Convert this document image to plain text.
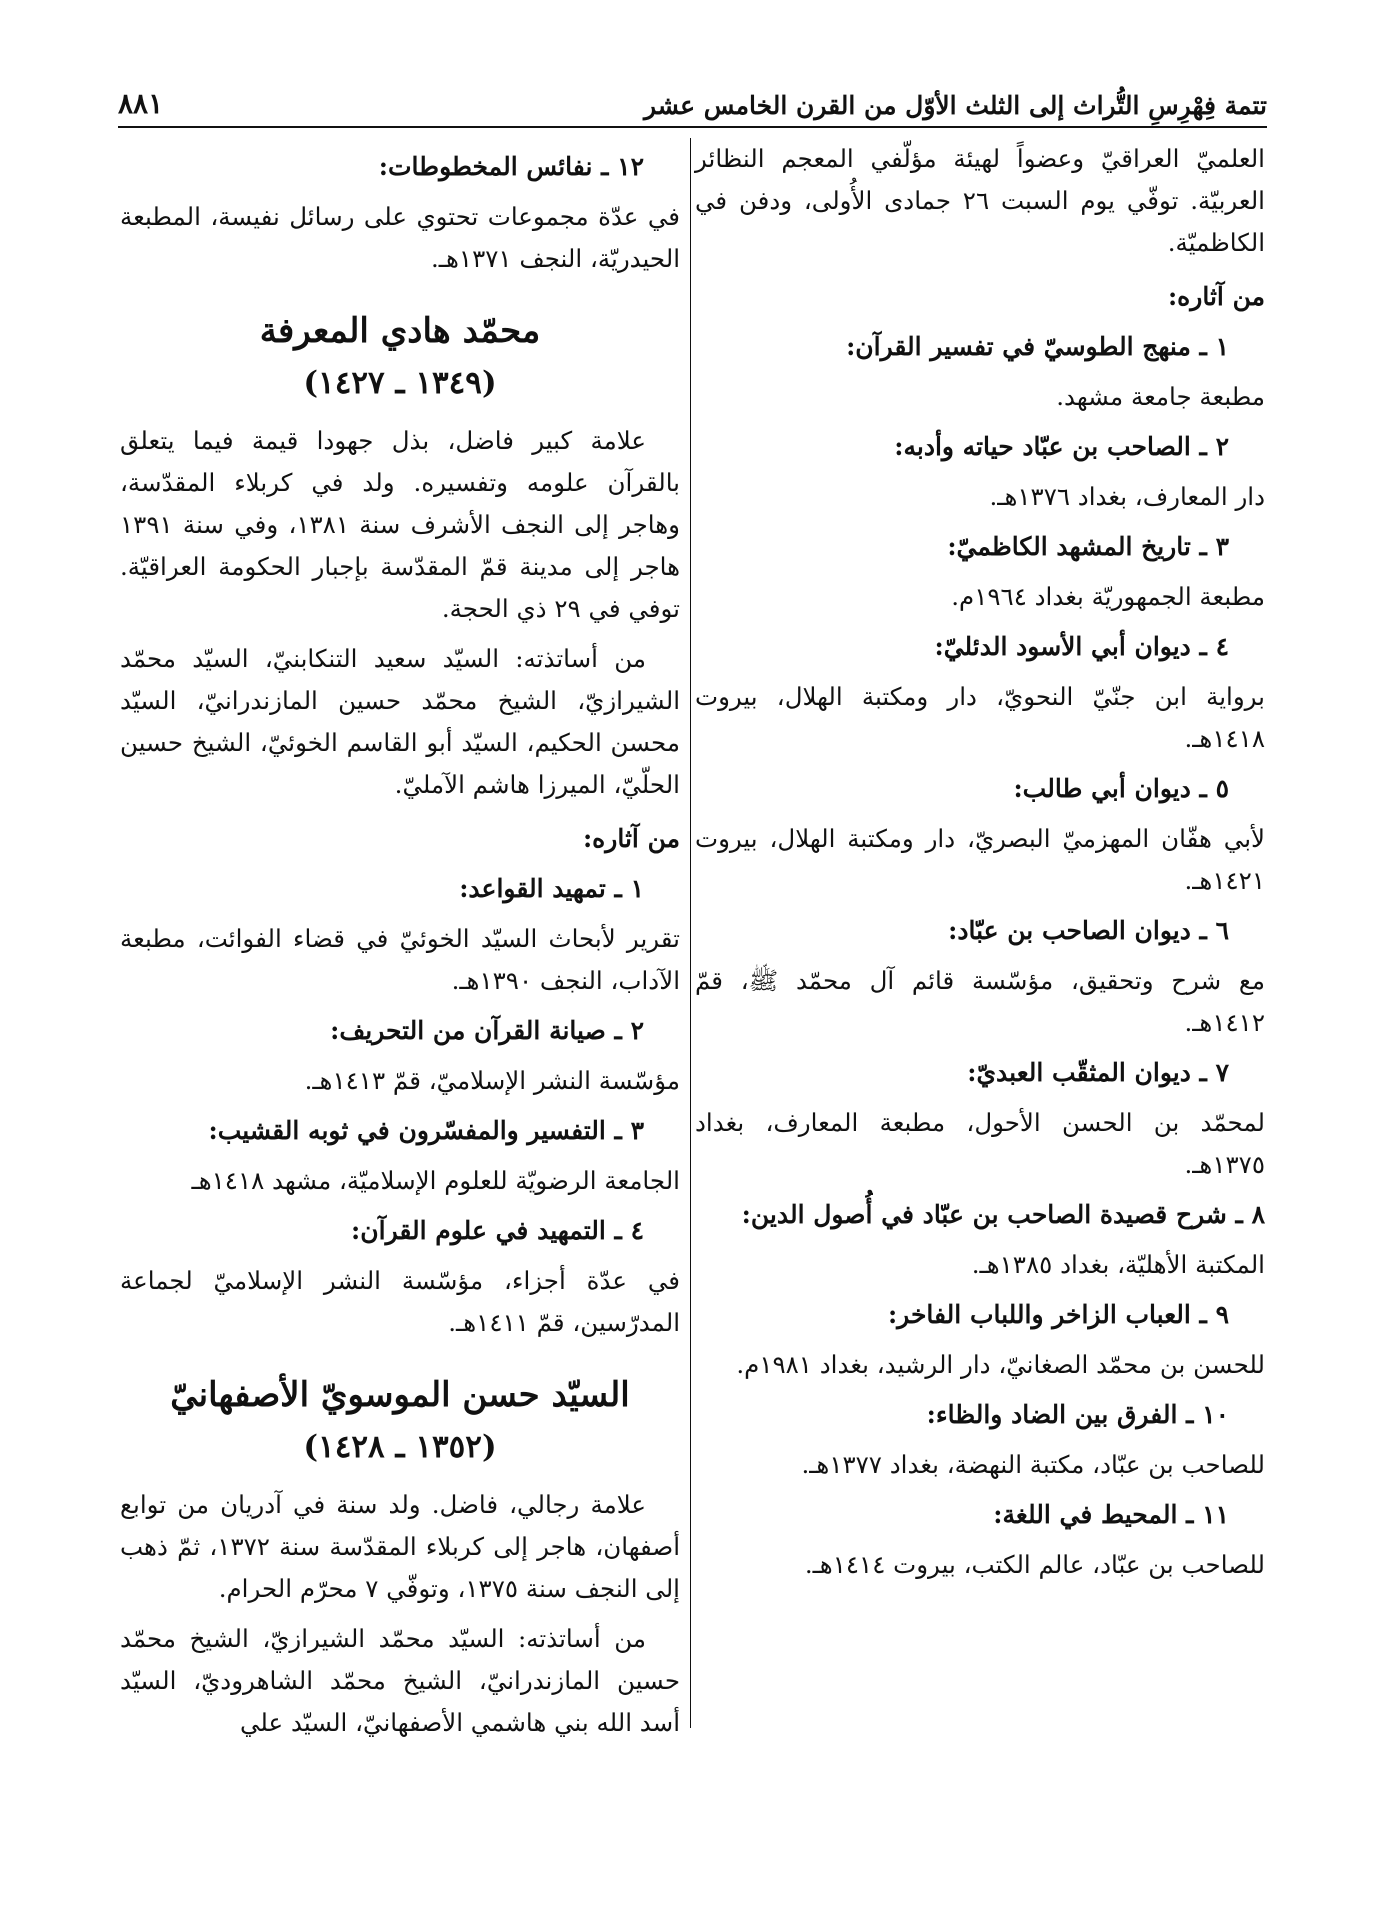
تتمة فِهْرِسِ التُّراث إلى الثلث الأوّل من القرن الخامس عشر
٨٨١

العلميّ العراقيّ وعضواً لهيئة مؤلّفي المعجم النظائر العربيّة. توفّي يوم السبت ٢٦ جمادى الأُولى، ودفن في الكاظميّة.

من آثاره:

١ ـ منهج الطوسيّ في تفسير القرآن:

مطبعة جامعة مشهد.

٢ ـ الصاحب بن عبّاد حياته وأدبه:

دار المعارف، بغداد ١٣٧٦هـ.

٣ ـ تاريخ المشهد الكاظميّ:

مطبعة الجمهوريّة بغداد ١٩٦٤م.

٤ ـ ديوان أبي الأسود الدئليّ:

برواية ابن جنّيّ النحويّ، دار ومكتبة الهلال، بيروت ١٤١٨هـ.

٥ ـ ديوان أبي طالب:

لأبي هفّان المهزميّ البصريّ، دار ومكتبة الهلال، بيروت ١٤٢١هـ.

٦ ـ ديوان الصاحب بن عبّاد:

مع شرح وتحقيق، مؤسّسة قائم آل محمّد ﷺ، قمّ ١٤١٢هـ.

٧ ـ ديوان المثقّب العبديّ:

لمحمّد بن الحسن الأحول، مطبعة المعارف، بغداد ١٣٧٥هـ.

٨ ـ شرح قصيدة الصاحب بن عبّاد في أُصول الدين:

المكتبة الأهليّة، بغداد ١٣٨٥هـ.

٩ ـ العباب الزاخر واللباب الفاخر:

للحسن بن محمّد الصغانيّ، دار الرشيد، بغداد ١٩٨١م.

١٠ ـ الفرق بين الضاد والظاء:

للصاحب بن عبّاد، مكتبة النهضة، بغداد ١٣٧٧هـ.

١١ ـ المحيط في اللغة:

للصاحب بن عبّاد، عالم الكتب، بيروت ١٤١٤هـ.

١٢ ـ نفائس المخطوطات:

في عدّة مجموعات تحتوي على رسائل نفيسة، المطبعة الحيدريّة، النجف ١٣٧١هـ.

محمّد هادي المعرفة

(١٣٤٩ ـ ١٤٢٧)

علامة كبير فاضل، بذل جهودا قيمة فيما يتعلق بالقرآن علومه وتفسيره. ولد في كربلاء المقدّسة، وهاجر إلى النجف الأشرف سنة ١٣٨١، وفي سنة ١٣٩١ هاجر إلى مدينة قمّ المقدّسة بإجبار الحكومة العراقيّة. توفي في ٢٩ ذي الحجة.

من أساتذته: السيّد سعيد التنكابنيّ، السيّد محمّد الشيرازيّ، الشيخ محمّد حسين المازندرانيّ، السيّد محسن الحكيم، السيّد أبو القاسم الخوئيّ، الشيخ حسين الحلّيّ، الميرزا هاشم الآمليّ.

من آثاره:

١ ـ تمهيد القواعد:

تقرير لأبحاث السيّد الخوئيّ في قضاء الفوائت، مطبعة الآداب، النجف ١٣٩٠هـ.

٢ ـ صيانة القرآن من التحريف:

مؤسّسة النشر الإسلاميّ، قمّ ١٤١٣هـ.

٣ ـ التفسير والمفسّرون في ثوبه القشيب:

الجامعة الرضويّة للعلوم الإسلاميّة، مشهد ١٤١٨هـ

٤ ـ التمهيد في علوم القرآن:

في عدّة أجزاء، مؤسّسة النشر الإسلاميّ لجماعة المدرّسين، قمّ ١٤١١هـ.

السيّد حسن الموسويّ الأصفهانيّ

(١٣٥٢ ـ ١٤٢٨)

علامة رجالي، فاضل. ولد سنة في آدريان من توابع أصفهان، هاجر إلى كربلاء المقدّسة سنة ١٣٧٢، ثمّ ذهب إلى النجف سنة ١٣٧٥، وتوفّي ٧ محرّم الحرام.

من أساتذته: السيّد محمّد الشيرازيّ، الشيخ محمّد حسين المازندرانيّ، الشيخ محمّد الشاهروديّ، السيّد أسد الله بني هاشمي الأصفهانيّ، السيّد علي
